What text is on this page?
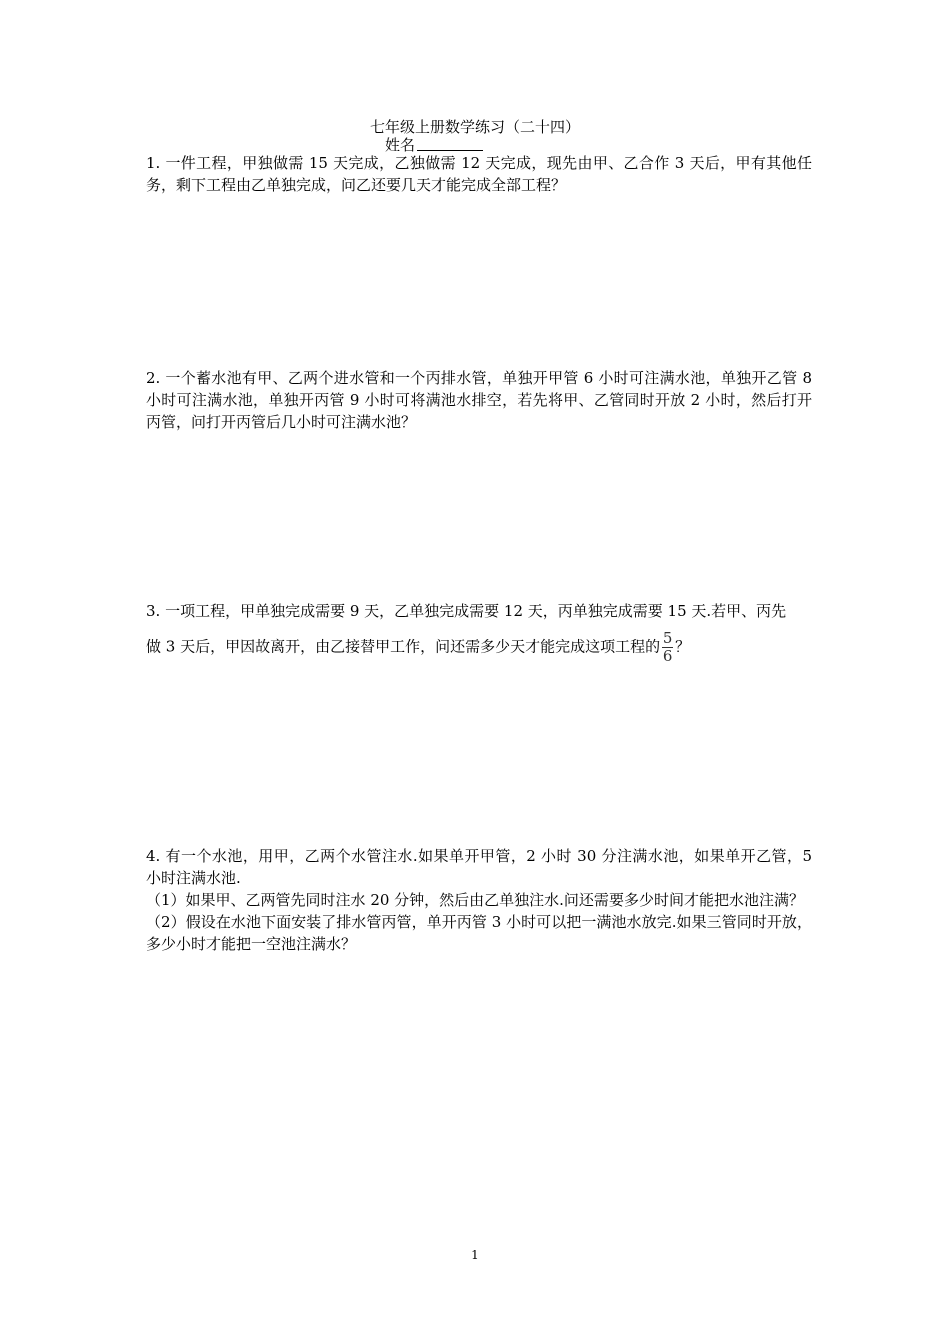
七年级上册数学练习（二十四）
姓名

1. 一件工程，甲独做需 15 天完成，乙独做需 12 天完成，现先由甲、乙合作 3 天后，甲有其他任务，剩下工程由乙单独完成，问乙还要几天才能完成全部工程？

2. 一个蓄水池有甲、乙两个进水管和一个丙排水管，单独开甲管 6 小时可注满水池，单独开乙管 8 小时可注满水池，单独开丙管 9 小时可将满池水排空，若先将甲、乙管同时开放 2 小时，然后打开丙管，问打开丙管后几小时可注满水池？

3. 一项工程，甲单独完成需要 9 天，乙单独完成需要 12 天，丙单独完成需要 15 天.若甲、丙先

做 3 天后，甲因故离开，由乙接替甲工作，问还需多少天才能完成这项工程的 $\frac{5}{6}$ ？

4. 有一个水池，用甲，乙两个水管注水.如果单开甲管，2 小时 30 分注满水池，如果单开乙管，5 小时注满水池.

（1）如果甲、乙两管先同时注水 20 分钟，然后由乙单独注水.问还需要多少时间才能把水池注满？

（2）假设在水池下面安装了排水管丙管，单开丙管 3 小时可以把一满池水放完.如果三管同时开放，多少小时才能把一空池注满水？

1
